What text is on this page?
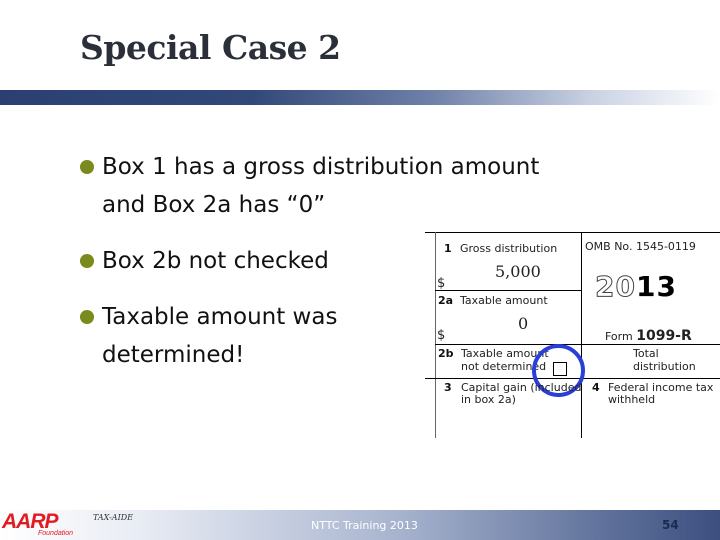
Special Case 2
Box 1 has a gross distribution amount
and Box 2a has “0”
Box 2b not checked
Taxable amount was
determined!
1 Gross distribution
$
5,000
OMB No. 1545-0119
2013
Form 1099-R
2a Taxable amount
$
0
2b Taxable amount
not determined
Total
distribution
3 Capital gain (included
in box 2a)
4 Federal income tax
withheld
AARP
Foundation
TAX-AIDE
NTTC Training 2013	54
